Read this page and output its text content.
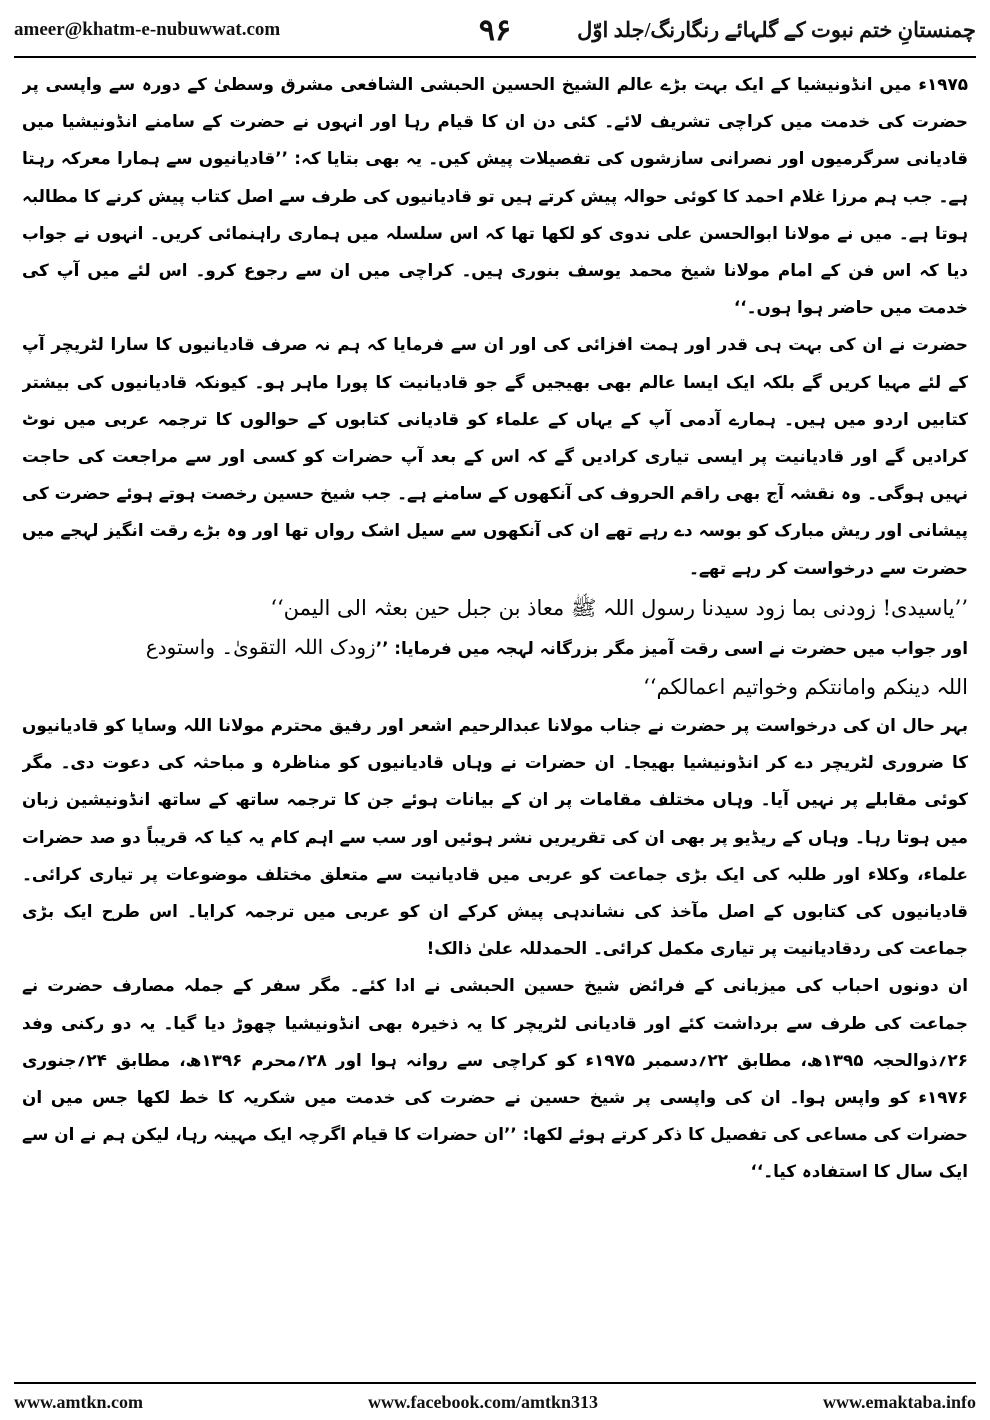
ameer@khatm-e-nubuwwat.com	۹۶	چمنستانِ ختم نبوت کے گلہائے رنگارنگ/جلد اوّل

۱۹۷۵ء میں انڈونیشیا کے ایک بہت بڑے عالم الشیخ الحسین الحبشی الشافعی مشرق وسطیٰ کے دورہ سے واپسی پر حضرت کی خدمت میں کراچی تشریف لائے۔ کئی دن ان کا قیام رہا اور انہوں نے حضرت کے سامنے انڈونیشیا میں قادیانی سرگرمیوں اور نصرانی سازشوں کی تفصیلات پیش کیں۔ یہ بھی بتایا کہ: ’’قادیانیوں سے ہمارا معرکہ رہتا ہے۔ جب ہم مرزا غلام احمد کا کوئی حوالہ پیش کرتے ہیں تو قادیانیوں کی طرف سے اصل کتاب پیش کرنے کا مطالبہ ہوتا ہے۔ میں نے مولانا ابوالحسن علی ندوی کو لکھا تھا کہ اس سلسلہ میں ہماری راہنمائی کریں۔ انہوں نے جواب دیا کہ اس فن کے امام مولانا شیخ محمد یوسف بنوری ہیں۔ کراچی میں ان سے رجوع کرو۔ اس لئے میں آپ کی خدمت میں حاضر ہوا ہوں۔‘‘

حضرت نے ان کی بہت ہی قدر اور ہمت افزائی کی اور ان سے فرمایا کہ ہم نہ صرف قادیانیوں کا سارا لٹریچر آپ کے لئے مہیا کریں گے بلکہ ایک ایسا عالم بھی بھیجیں گے جو قادیانیت کا پورا ماہر ہو۔ کیونکہ قادیانیوں کی بیشتر کتابیں اردو میں ہیں۔ ہمارے آدمی آپ کے یہاں کے علماء کو قادیانی کتابوں کے حوالوں کا ترجمہ عربی میں نوٹ کرادیں گے اور قادیانیت پر ایسی تیاری کرادیں گے کہ اس کے بعد آپ حضرات کو کسی اور سے مراجعت کی حاجت نہیں ہوگی۔ وہ نقشہ آج بھی راقم الحروف کی آنکھوں کے سامنے ہے۔ جب شیخ حسین رخصت ہوتے ہوئے حضرت کی پیشانی اور ریش مبارک کو بوسہ دے رہے تھے ان کی آنکھوں سے سیل اشک رواں تھا اور وہ بڑے رقت انگیز لہجے میں حضرت سے درخواست کر رہے تھے۔

’’یاسیدی! زودنی بما زود سیدنا رسول اللہ ﷺ معاذ بن جبل حین بعثہ الی الیمن‘‘

اور جواب میں حضرت نے اسی رقت آمیز مگر بزرگانہ لہجہ میں فرمایا: ’’زودک اللہ التقویٰ۔ واستودع

اللہ دینکم وامانتکم وخواتیم اعمالکم‘‘

بہر حال ان کی درخواست پر حضرت نے جناب مولانا عبدالرحیم اشعر اور رفیق محترم مولانا اللہ وسایا کو قادیانیوں کا ضروری لٹریچر دے کر انڈونیشیا بھیجا۔ ان حضرات نے وہاں قادیانیوں کو مناظرہ و مباحثہ کی دعوت دی۔ مگر کوئی مقابلے پر نہیں آیا۔ وہاں مختلف مقامات پر ان کے بیانات ہوئے جن کا ترجمہ ساتھ کے ساتھ انڈونیشین زبان میں ہوتا رہا۔ وہاں کے ریڈیو پر بھی ان کی تقریریں نشر ہوئیں اور سب سے اہم کام یہ کیا کہ قریباً دو صد حضرات علماء، وکلاء اور طلبہ کی ایک بڑی جماعت کو عربی میں قادیانیت سے متعلق مختلف موضوعات پر تیاری کرائی۔ قادیانیوں کی کتابوں کے اصل مآخذ کی نشاندہی پیش کرکے ان کو عربی میں ترجمہ کرایا۔ اس طرح ایک بڑی جماعت کی ردقادیانیت پر تیاری مکمل کرائی۔ الحمدللہ علیٰ ذالک!

ان دونوں احباب کی میزبانی کے فرائض شیخ حسین الحبشی نے ادا کئے۔ مگر سفر کے جملہ مصارف حضرت نے جماعت کی طرف سے برداشت کئے اور قادیانی لٹریچر کا یہ ذخیرہ بھی انڈونیشیا چھوڑ دیا گیا۔ یہ دو رکنی وفد ۲۶؍ذوالحجہ ۱۳۹۵ھ، مطابق ۲۲؍دسمبر ۱۹۷۵ء کو کراچی سے روانہ ہوا اور ۲۸؍محرم ۱۳۹۶ھ، مطابق ۲۴؍جنوری ۱۹۷۶ء کو واپس ہوا۔ ان کی واپسی پر شیخ حسین نے حضرت کی خدمت میں شکریہ کا خط لکھا جس میں ان حضرات کی مساعی کی تفصیل کا ذکر کرتے ہوئے لکھا: ’’ان حضرات کا قیام اگرچہ ایک مہینہ رہا، لیکن ہم نے ان سے ایک سال کا استفادہ کیا۔‘‘

www.amtkn.com	www.facebook.com/amtkn313	www.emaktaba.info
